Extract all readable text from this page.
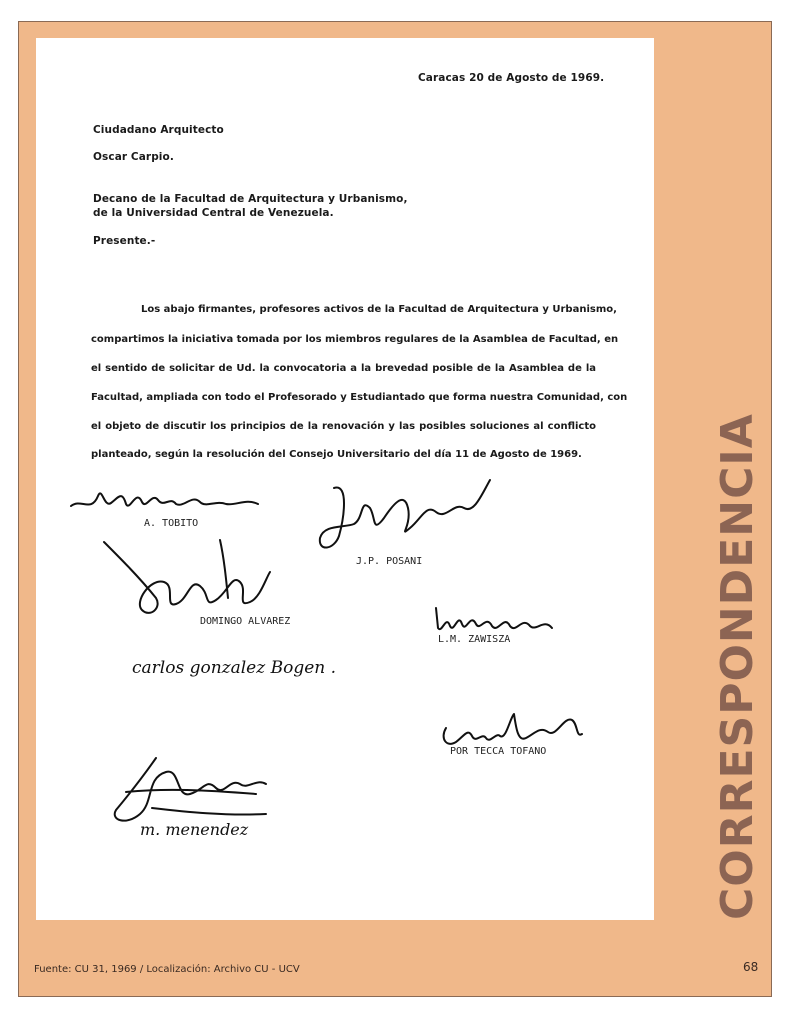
Caracas 20 de Agosto de 1969.
Ciudadano Arquitecto
Oscar Carpio.
Decano de la Facultad de Arquitectura y Urbanismo,
de la Universidad Central de Venezuela.
Presente.-
Los abajo firmantes, profesores activos de la Facultad de Arquitectura y Urbanismo,
compartimos la iniciativa tomada por los miembros regulares de la Asamblea de Facultad, en
el sentido de solicitar de Ud. la convocatoria a la brevedad posible de la Asamblea de la
Facultad, ampliada con todo el Profesorado y Estudiantado que forma nuestra Comunidad, con
el objeto de discutir los principios de la renovación y las posibles soluciones al conflicto
planteado, según la resolución del Consejo Universitario del día 11 de Agosto de 1969.
A. TOBITO
J.P. POSANI
DOMINGO ALVAREZ
L.M. ZAWISZA
carlos gonzalez Bogen .
POR TECCA TOFANO
m. menendez	CORRESPONDENCIA
Fuente: CU 31, 1969 / Localización: Archivo CU - UCV	68
